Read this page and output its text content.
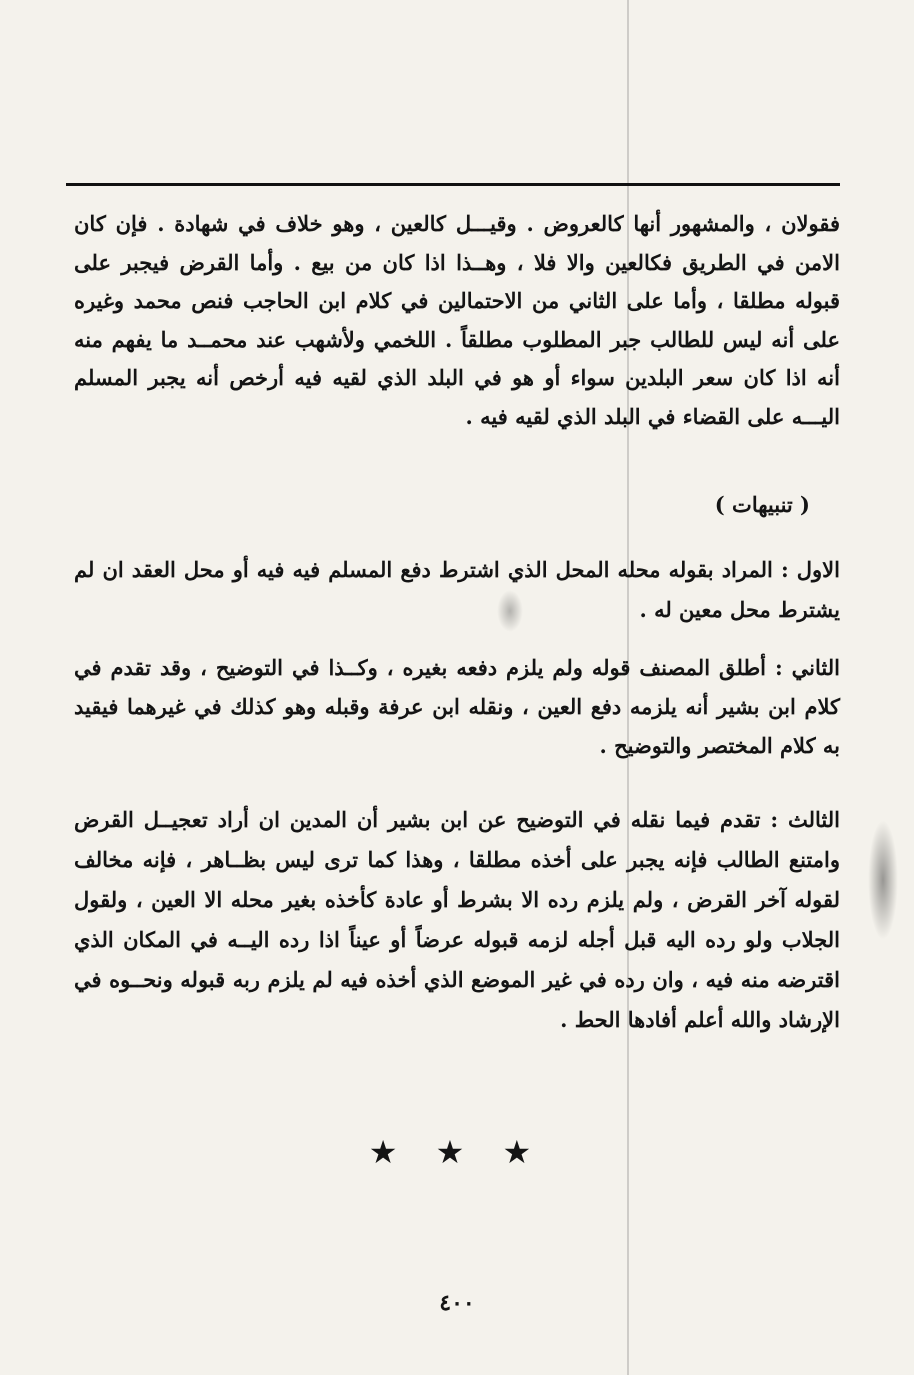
فقولان ، والمشهور أنها كالعروض . وقيـــل كالعين ، وهو خلاف في شهادة . فإن كان الامن في الطريق فكالعين والا فلا ، وهــذا اذا كان من بيع . وأما القرض فيجبر على قبوله مطلقا ، وأما على الثاني من الاحتمالين في كلام ابن الحاجب فنص محمد وغيره على أنه ليس للطالب جبر المطلوب مطلقاً . اللخمي ولأشهب عند محمــد ما يفهم منه أنه اذا كان سعر البلدين سواء أو هو في البلد الذي لقيه فيه أرخص أنه يجبر المسلم اليـــه على القضاء في البلد الذي لقيه فيه .

( تنبيهات )

الاول : المراد بقوله محله المحل الذي اشترط دفع المسلم فيه فيه أو محل العقد ان لم يشترط محل معين له .

الثاني : أطلق المصنف قوله ولم يلزم دفعه بغيره ، وكــذا في التوضيح ، وقد تقدم في كلام ابن بشير أنه يلزمه دفع العين ، ونقله ابن عرفة وقبله وهو كذلك في غيرهما فيقيد به كلام المختصر والتوضيح .

الثالث : تقدم فيما نقله في التوضيح عن ابن بشير أن المدين ان أراد تعجيــل القرض وامتنع الطالب فإنه يجبر على أخذه مطلقا ، وهذا كما ترى ليس بظــاهر ، فإنه مخالف لقوله آخر القرض ، ولم يلزم رده الا بشرط أو عادة كأخذه بغير محله الا العين ، ولقول الجلاب ولو رده اليه قبل أجله لزمه قبوله عرضاً أو عيناً اذا رده اليــه في المكان الذي اقترضه منه فيه ، وان رده في غير الموضع الذي أخذه فيه لم يلزم ربه قبوله ونحــوه في الإرشاد والله أعلم أفادها الحط .

★ ★ ★

٤٠٠
